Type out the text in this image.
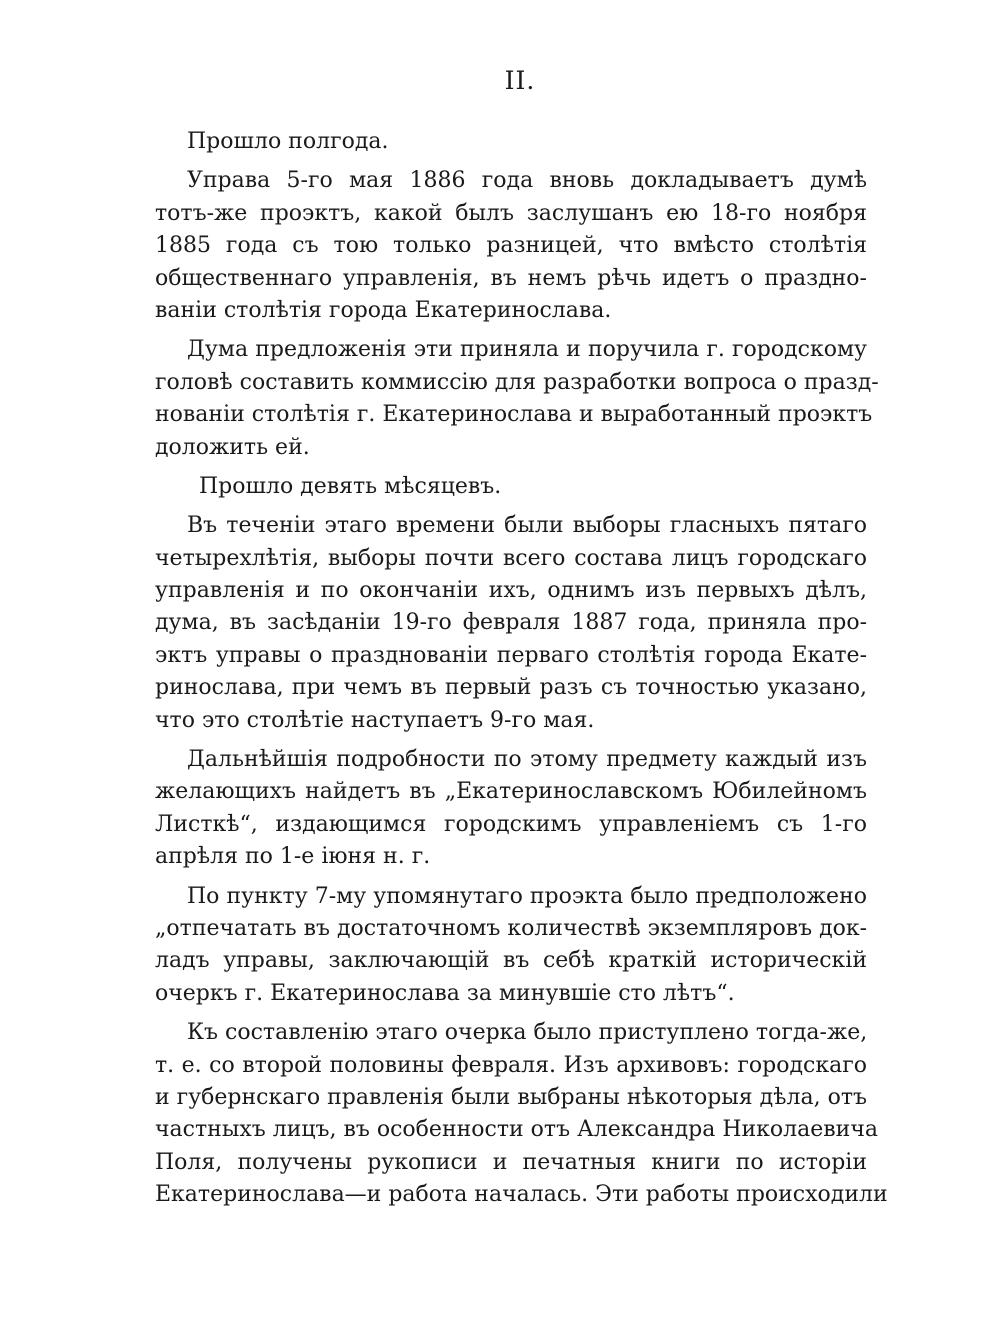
II.
Прошло полгода.
Управа 5-го мая 1886 года вновь докладываетъ думѣ
тотъ-же проэктъ, какой былъ заслушанъ ею 18-го ноября
1885 года съ тою только разницей, что вмѣсто столѣтія
общественнаго управленія, въ немъ рѣчь идетъ о праздно-
ваніи столѣтія города Екатеринослава.
Дума предложенія эти приняла и поручила г. городскому
головѣ составить коммиссію для разработки вопроса о празд-
нованіи столѣтія г. Екатеринослава и выработанный проэктъ
доложить ей.
Прошло девять мѣсяцевъ.
Въ теченіи этаго времени были выборы гласныхъ пятаго
четырехлѣтія, выборы почти всего состава лицъ городскаго
управленія и по окончаніи ихъ, однимъ изъ первыхъ дѣлъ,
дума, въ засѣданіи 19-го февраля 1887 года, приняла про-
эктъ управы о празднованіи перваго столѣтія города Екате-
ринослава, при чемъ въ первый разъ съ точностью указано,
что это столѣтіе наступаетъ 9-го мая.
Дальнѣйшія подробности по этому предмету каждый изъ
желающихъ найдетъ въ „Екатеринославскомъ Юбилейномъ
Листкѣ“, издающимся городскимъ управленіемъ съ 1-го
апрѣля по 1-е іюня н. г.
По пункту 7-му упомянутаго проэкта было предположено
„отпечатать въ достаточномъ количествѣ экземпляровъ док-
ладъ управы, заключающій въ себѣ краткій историческій
очеркъ г. Екатеринослава за минувшіе сто лѣтъ“.
Къ составленію этаго очерка было приступлено тогда-же,
т. е. со второй половины февраля. Изъ архивовъ: городскаго
и губернскаго правленія были выбраны нѣкоторыя дѣла, отъ
частныхъ лицъ, въ особенности отъ Александра Николаевича
Поля, получены рукописи и печатныя книги по исторіи
Екатеринослава—и работа началась. Эти работы происходили
